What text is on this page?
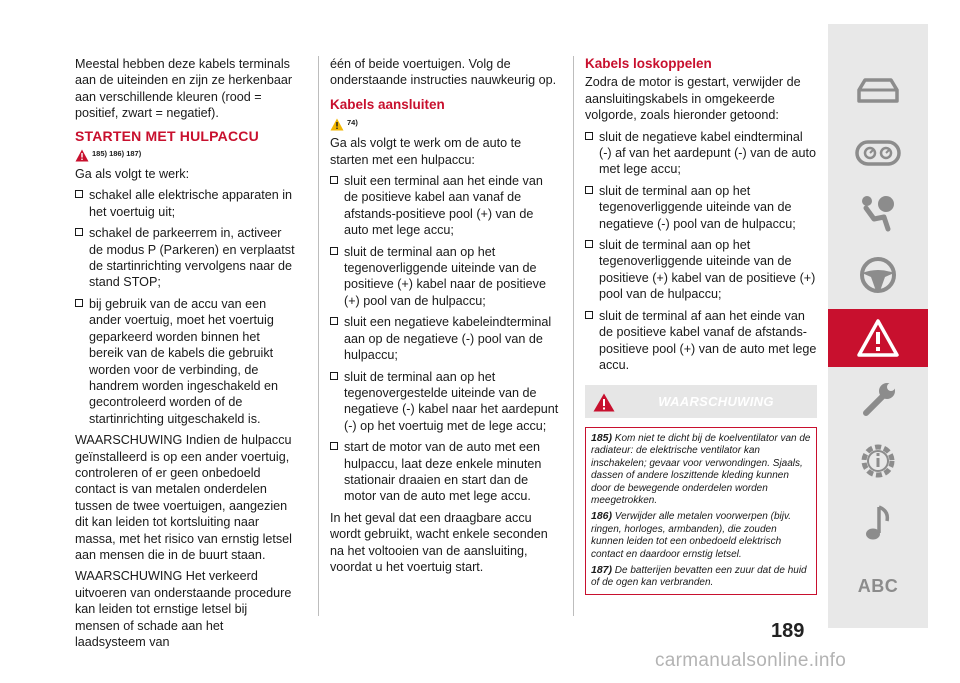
Meestal hebben deze kabels terminals aan de uiteinden en zijn ze herkenbaar aan verschillende kleuren (rood = positief, zwart = negatief).

STARTEN MET HULPACCU
185) 186) 187)

Ga als volgt te werk:

schakel alle elektrische apparaten in het voertuig uit;

schakel de parkeerrem in, activeer de modus P (Parkeren) en verplaatst de startinrichting vervolgens naar de stand STOP;

bij gebruik van de accu van een ander voertuig, moet het voertuig geparkeerd worden binnen het bereik van de kabels die gebruikt worden voor de verbinding, de handrem worden ingeschakeld en gecontroleerd worden of de startinrichting uitgeschakeld is.

WAARSCHUWING Indien de hulpaccu geïnstalleerd is op een ander voertuig, controleren of er geen onbedoeld contact is van metalen onderdelen tussen de twee voertuigen, aangezien dit kan leiden tot kortsluiting naar massa, met het risico van ernstig letsel aan mensen die in de buurt staan.

WAARSCHUWING Het verkeerd uitvoeren van onderstaande procedure kan leiden tot ernstige letsel bij mensen of schade aan het laadsysteem van

één of beide voertuigen. Volg de onderstaande instructies nauwkeurig op.

Kabels aansluiten
74)

Ga als volgt te werk om de auto te starten met een hulpaccu:

sluit een terminal aan het einde van de positieve kabel aan vanaf de afstands-positieve pool (+) van de auto met lege accu;

sluit de terminal aan op het tegenoverliggende uiteinde van de positieve (+) kabel naar de positieve (+) pool van de hulpaccu;

sluit een negatieve kabeleindterminal aan op de negatieve (-) pool van de hulpaccu;

sluit de terminal aan op het tegenovergestelde uiteinde van de negatieve (-) kabel naar het aardepunt (-) op het voertuig met de lege accu;

start de motor van de auto met een hulpaccu, laat deze enkele minuten stationair draaien en start dan de motor van de auto met lege accu.

In het geval dat een draagbare accu wordt gebruikt, wacht enkele seconden na het voltooien van de aansluiting, voordat u het voertuig start.

Kabels loskoppelen

Zodra de motor is gestart, verwijder de aansluitingskabels in omgekeerde volgorde, zoals hieronder getoond:

sluit de negatieve kabel eindterminal (-) af van het aardepunt (-) van de auto met lege accu;

sluit de terminal aan op het tegenoverliggende uiteinde van de negatieve (-) pool van de hulpaccu;

sluit de terminal aan op het tegenoverliggende uiteinde van de positieve (+) kabel van de positieve (+) pool van de hulpaccu;

sluit de terminal af aan het einde van de positieve kabel vanaf de afstands-positieve pool (+) van de auto met lege accu.

WAARSCHUWING

185) Kom niet te dicht bij de koelventilator van de radiateur: de elektrische ventilator kan inschakelen; gevaar voor verwondingen. Sjaals, dassen of andere loszittende kleding kunnen door de bewegende onderdelen worden meegetrokken.

186) Verwijder alle metalen voorwerpen (bijv. ringen, horloges, armbanden), die zouden kunnen leiden tot een onbedoeld elektrisch contact en daardoor ernstig letsel.

187) De batterijen bevatten een zuur dat de huid of de ogen kan verbranden.

189
ABC
carmanualsonline.info
